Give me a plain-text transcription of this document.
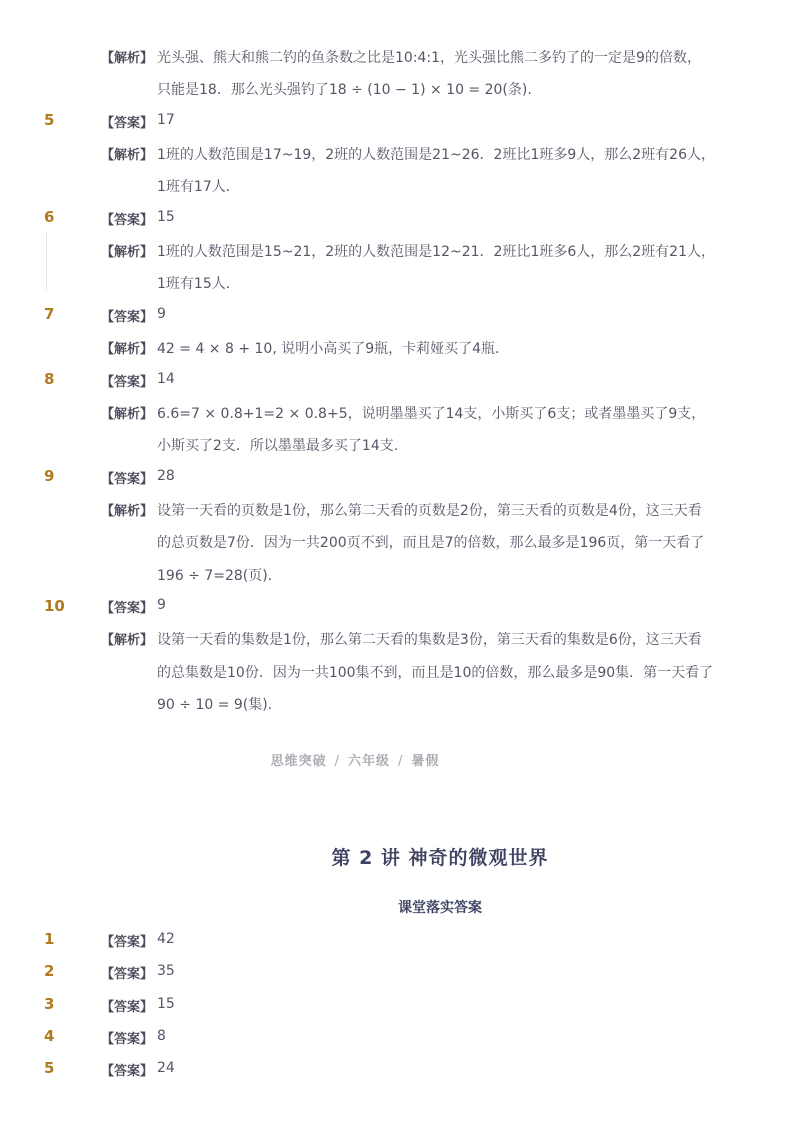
【解析】 光头强、熊大和熊二钓的鱼条数之比是10:4:1，光头强比熊二多钓了的一定是9的倍数，
只能是18．那么光头强钓了18 ÷ (10 − 1) × 10 = 20(条).
5	【答案】 17
【解析】 1班的人数范围是17~19，2班的人数范围是21~26．2班比1班多9人，那么2班有26人，
1班有17人．
6	【答案】 15
【解析】 1班的人数范围是15~21，2班的人数范围是12~21．2班比1班多6人，那么2班有21人，
1班有15人．
7	【答案】 9
【解析】 42 = 4 × 8 + 10, 说明小高买了9瓶，卡莉娅买了4瓶．
8	【答案】 14
【解析】 6.6=7 × 0.8+1=2 × 0.8+5，说明墨墨买了14支，小斯买了6支；或者墨墨买了9支，
小斯买了2支．所以墨墨最多买了14支.
9	【答案】 28
【解析】 设第一天看的页数是1份，那么第二天看的页数是2份，第三天看的页数是4份，这三天看
的总页数是7份．因为一共200页不到，而且是7的倍数，那么最多是196页，第一天看了
196 ÷ 7=28(页).
10	【答案】 9
【解析】 设第一天看的集数是1份，那么第二天看的集数是3份，第三天看的集数是6份，这三天看
的总集数是10份．因为一共100集不到，而且是10的倍数，那么最多是90集．第一天看了
90 ÷ 10 = 9(集).
思维突破 / 六年级 / 暑假
第 2 讲 神奇的微观世界
课堂落实答案
1	【答案】 42
2	【答案】 35
3	【答案】 15
4	【答案】 8
5	【答案】 24
